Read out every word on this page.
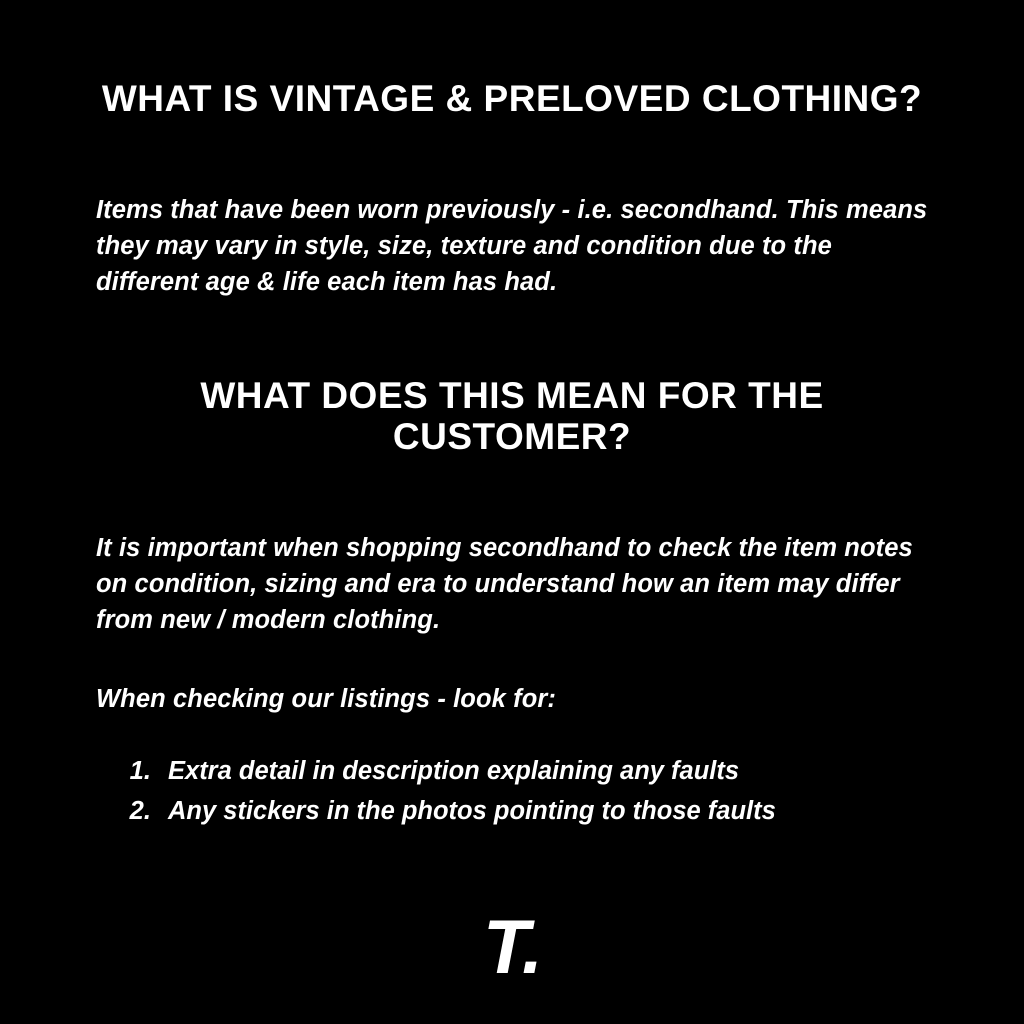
WHAT IS VINTAGE & PRELOVED CLOTHING?
Items that have been worn previously - i.e. secondhand. This means they may vary in style, size, texture and condition due to the different age & life each item has had.
WHAT DOES THIS MEAN FOR THE CUSTOMER?
It is important when shopping secondhand to check the item notes on condition, sizing and era to understand how an item may differ from new / modern clothing.
When checking our listings - look for:
1. Extra detail in description explaining any faults
2. Any stickers in the photos pointing to those faults
T.
